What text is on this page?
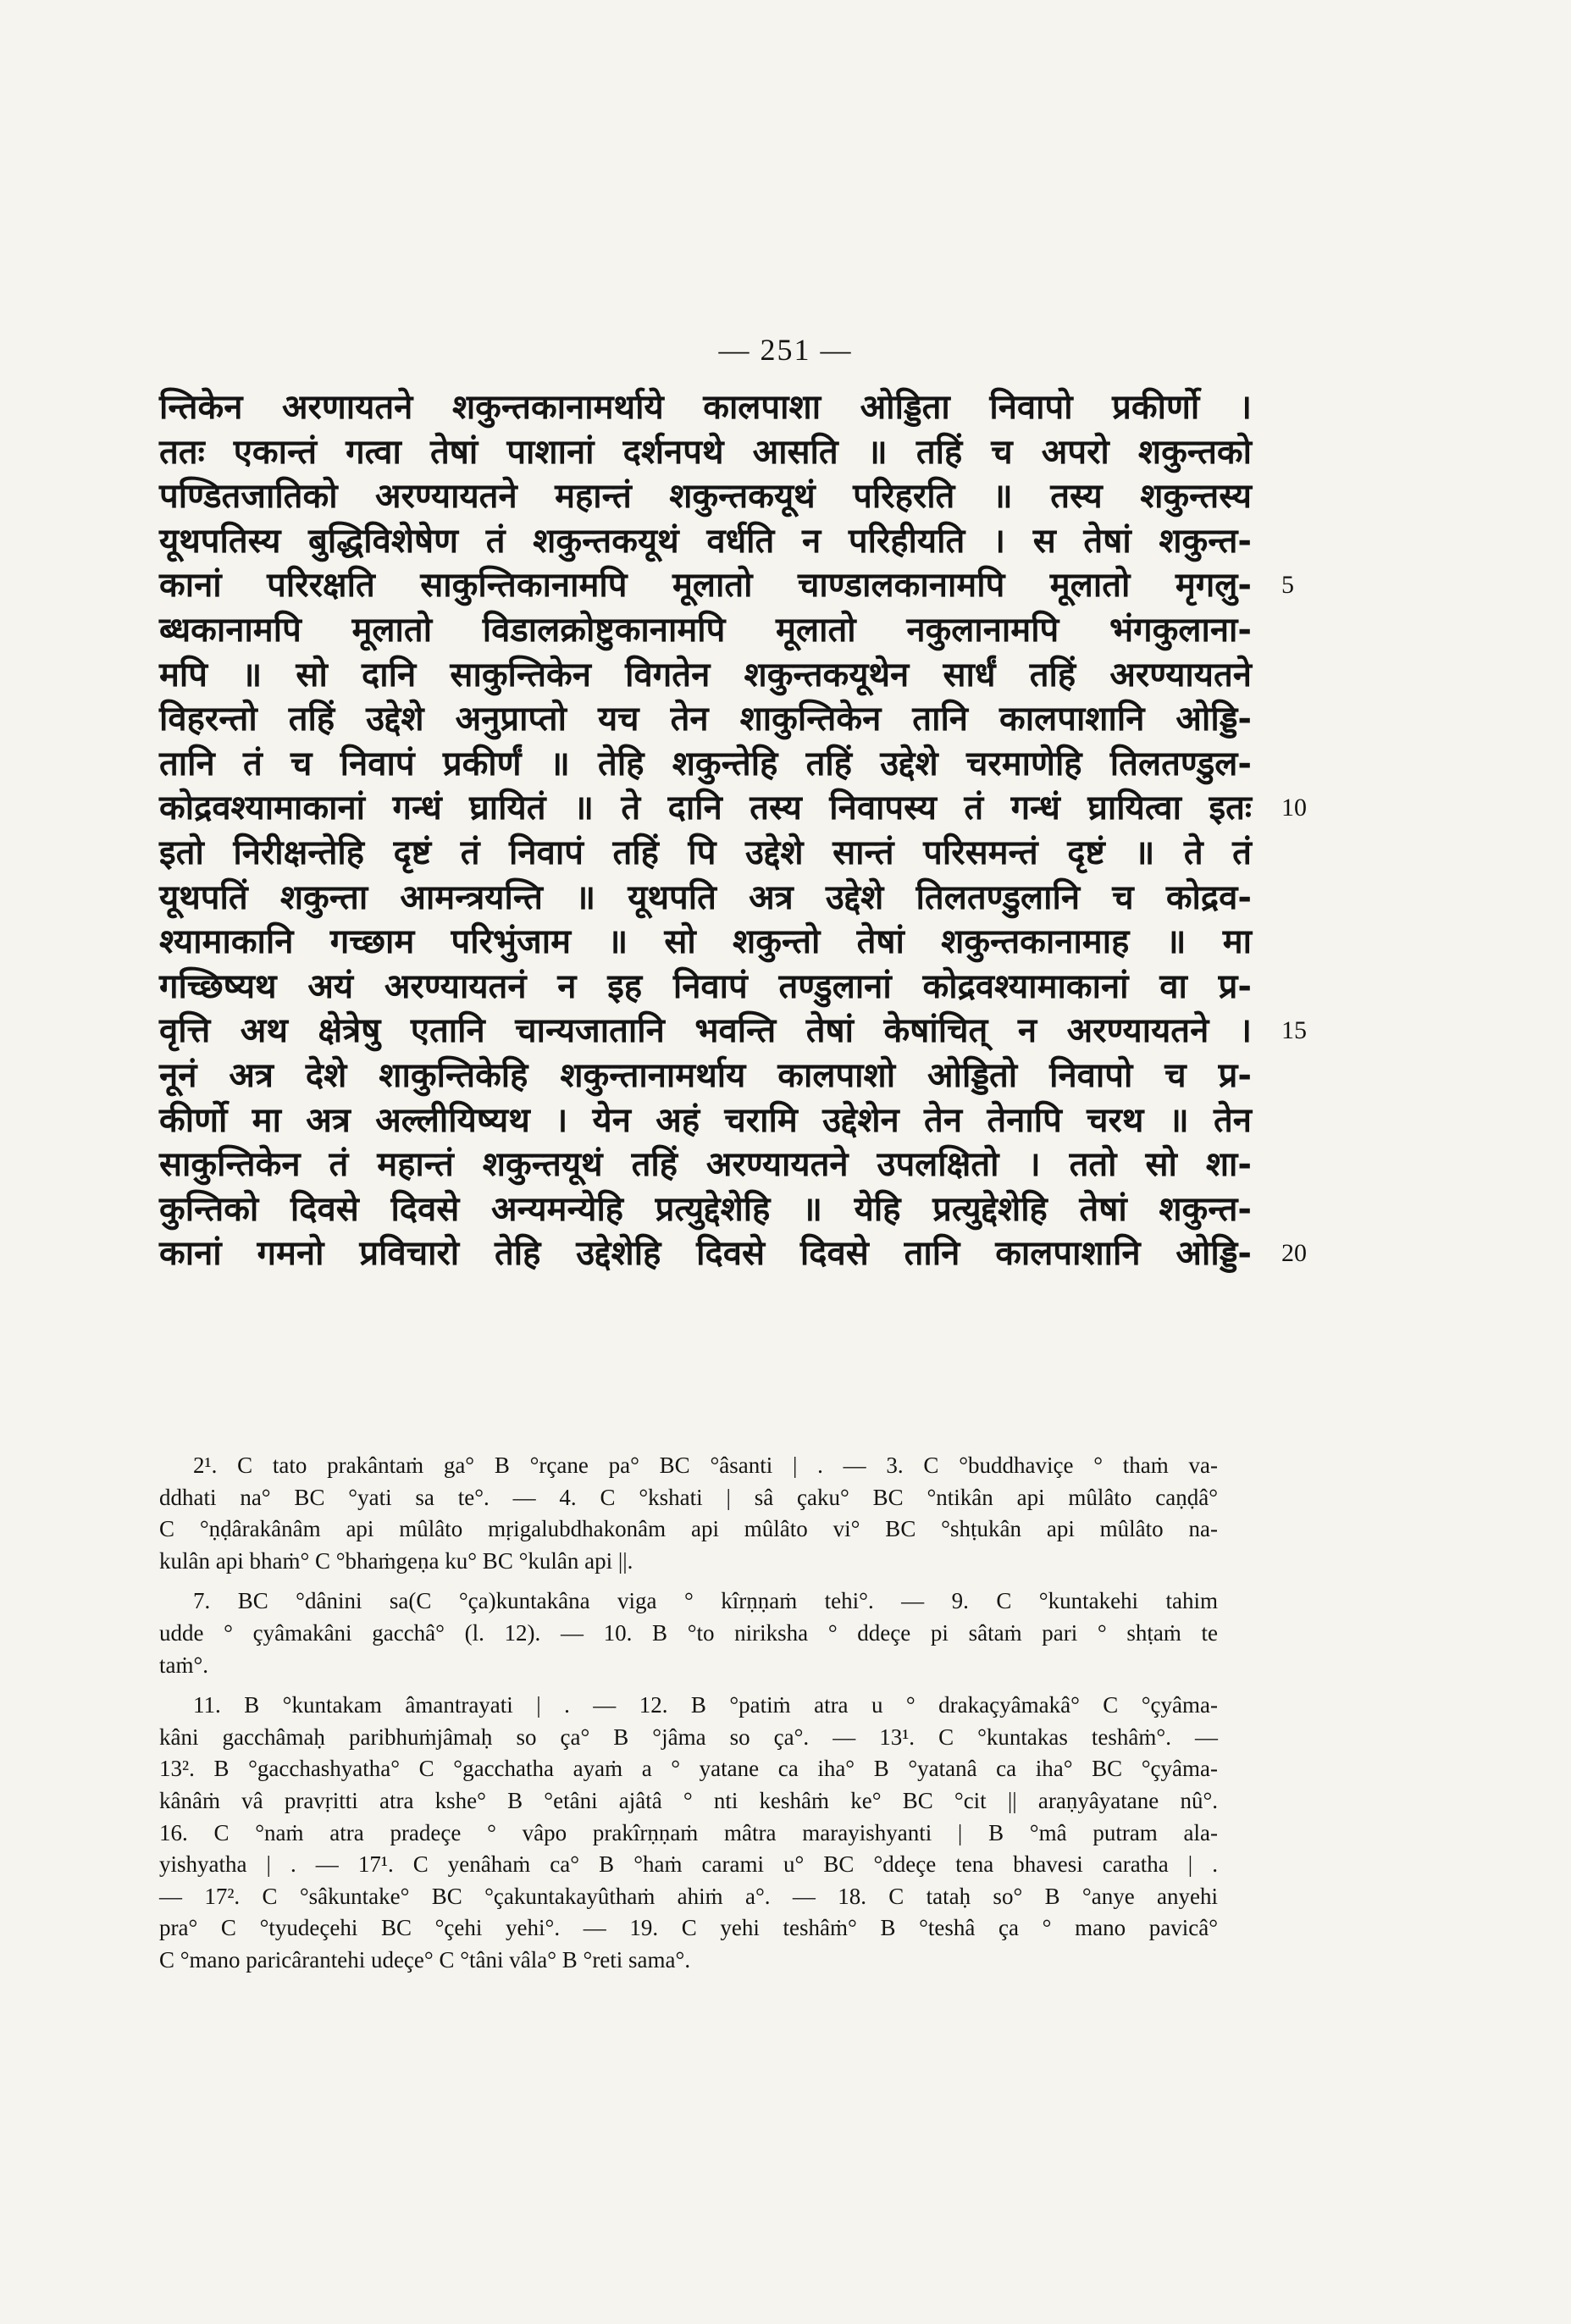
— 251 —
न्तिकेन अरणायतने शकुन्तकानामर्थाये कालपाशा ओड्डिता निवापो प्रकीर्णो ।
ततः एकान्तं गत्वा तेषां पाशानां दर्शनपथे आसति ॥ तहिं च अपरो शकुन्तको
पण्डितजातिको अरण्यायतने महान्तं शकुन्तकयूथं परिहरति ॥ तस्य शकुन्तस्य
यूथपतिस्य बुद्धिविशेषेण तं शकुन्तकयूथं वर्धति न परिहीयति । स तेषां शकुन्त-
कानां परिरक्षति साकुन्तिकानामपि मूलातो चाण्डालकानामपि मूलातो मृगलु- 5
ब्धकानामपि मूलातो विडालक्रोष्टुकानामपि मूलातो नकुलानामपि भंगकुलाना-
मपि ॥ सो दानि साकुन्तिकेन विगतेन शकुन्तकयूथेन सार्धं तहिं अरण्यायतने
विहरन्तो तहिं उद्देशे अनुप्राप्तो यच तेन शाकुन्तिकेन तानि कालपाशानि ओड्डि-
तानि तं च निवापं प्रकीर्णं ॥ तेहि शकुन्तेहि तहिं उद्देशे चरमाणेहि तिलतण्डुल-
कोद्रवश्यामाकानां गन्धं घ्रायितं ॥ ते दानि तस्य निवापस्य तं गन्धं घ्रायित्वा इतः 10
इतो निरीक्षन्तेहि दृष्टं तं निवापं तहिं पि उद्देशे सान्तं परिसमन्तं दृष्टं ॥ ते तं
यूथपतिं शकुन्ता आमन्त्रयन्ति ॥ यूथपति अत्र उद्देशे तिलतण्डुलानि च कोद्रव-
श्यामाकानि गच्छाम परिभुंजाम ॥ सो शकुन्तो तेषां शकुन्तकानामाह ॥ मा
गच्छिष्यथ अयं अरण्यायतनं न इह निवापं तण्डुलानां कोद्रवश्यामाकानां वा प्र-
वृत्ति अथ क्षेत्रेषु एतानि चान्यजातानि भवन्ति तेषां केषांचित् न अरण्यायतने । 15
नूनं अत्र देशे शाकुन्तिकेहि शकुन्तानामर्थाय कालपाशो ओड्डितो निवापो च प्र-
कीर्णो मा अत्र अल्लीयिष्यथ । येन अहं चरामि उद्देशेन तेन तेनापि चरथ ॥ तेन
साकुन्तिकेन तं महान्तं शकुन्तयूथं तहिं अरण्यायतने उपलक्षितो । ततो सो शा-
कुन्तिको दिवसे दिवसे अन्यमन्येहि प्रत्युद्देशेहि ॥ येहि प्रत्युद्देशेहि तेषां शकुन्त-
कानां गमनो प्रविचारो तेहि उद्देशेहि दिवसे दिवसे तानि कालपाशानि ओड्डि- 20
2¹. C tato prakântaṁ ga° B °rçane pa° BC °âsanti | . — 3. C °buddhaviçe ° thaṁ va-
ddhati na° BC °yati sa te°. — 4. C °kshati | sâ çaku° BC °ntikân api mûlâto caṇḍâ°
C °ṇḍârakânâm api mûlâto mṛigalubdhakonâm api mûlâto vi° BC °shṭukân api mûlâto na-
kulân api bhaṁ° C °bhaṁgeṇa ku° BC °kulân api ||.
7. BC °dânini sa(C °ça)kuntakâna viga ° kîrṇṇaṁ tehi°. — 9. C °kuntakehi tahim
udde ° çyâmakâni gacchâ° (l. 12). — 10. B °to niriksha ° ddeçe pi sâtaṁ pari ° shṭaṁ te
taṁ°.
11. B °kuntakam âmantrayati | . — 12. B °patiṁ atra u ° drakaçyâmakâ° C °çyâma-
kâni gacchâmaḥ paribhuṁjâmaḥ so ça° B °jâma so ça°. — 13¹. C °kuntakas teshâṁ°. —
13². B °gacchashyatha° C °gacchatha ayaṁ a ° yatane ca iha° B °yatanâ ca iha° BC °çyâma-
kânâṁ vâ pravṛitti atra kshe° B °etâni ajâtâ ° nti keshâṁ ke° BC °cit || araṇyâyatane nû°.
16. C °naṁ atra pradeçe ° vâpo prakîrṇṇaṁ mâtra marayishyanti | B °mâ putram ala-
yishyatha | . — 17¹. C yenâhaṁ ca° B °haṁ carami u° BC °ddeçe tena bhavesi caratha | .
— 17². C °sâkuntake° BC °çakuntakayûthaṁ ahiṁ a°. — 18. C tataḥ so° B °anye anyehi
pra° C °tyudeçehi BC °çehi yehi°. — 19. C yehi teshâṁ° B °teshâ ça ° mano pavicâ°
C °mano paricârantehi udeçe° C °tâni vâla° B °reti sama°.
